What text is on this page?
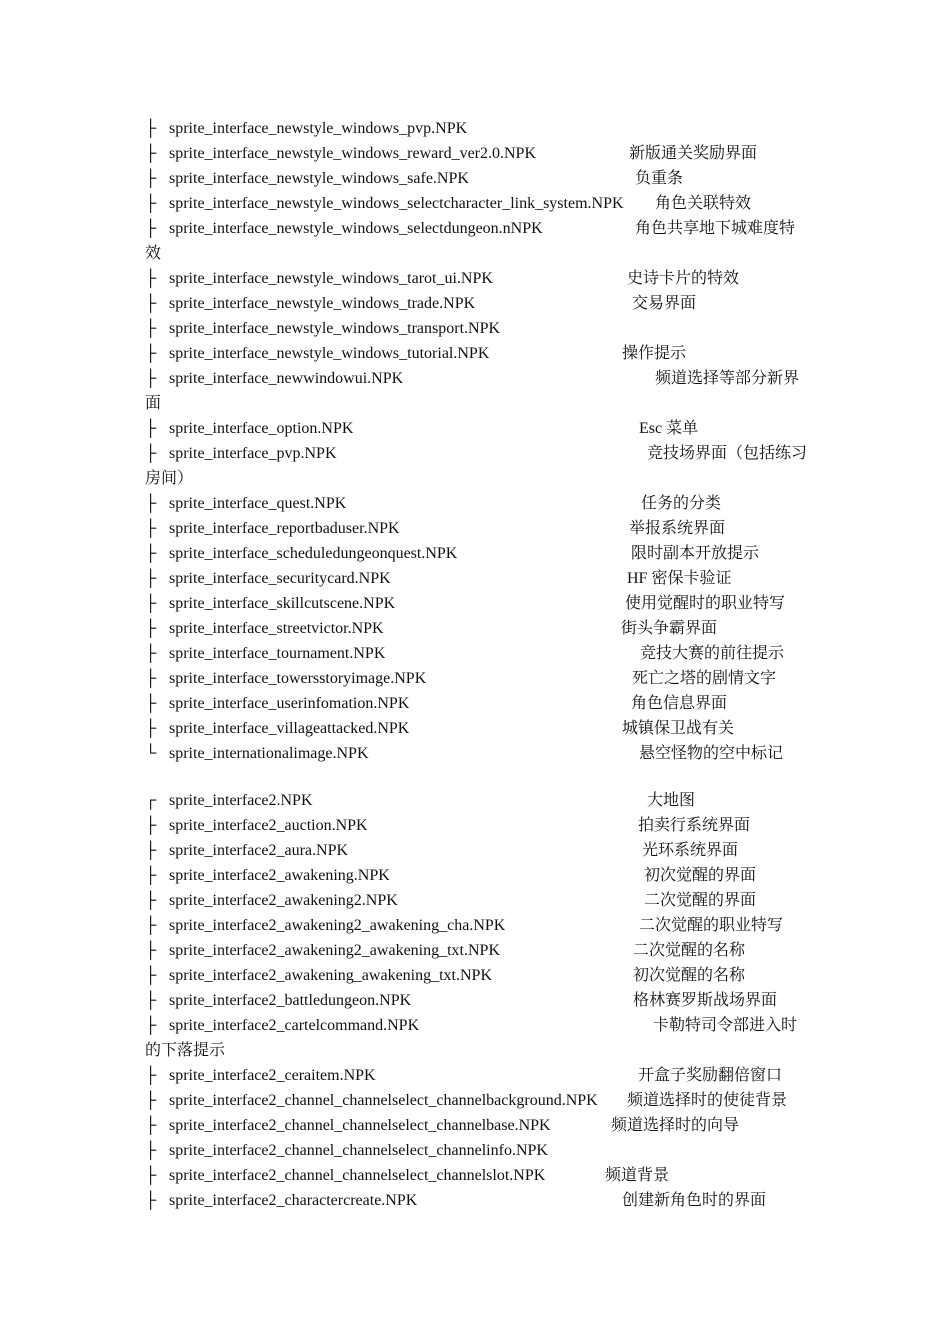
├ sprite_interface_newstyle_windows_pvp.NPK
├ sprite_interface_newstyle_windows_reward_ver2.0.NPK	新版通关奖励界面
├ sprite_interface_newstyle_windows_safe.NPK	负重条
├ sprite_interface_newstyle_windows_selectcharacter_link_system.NPK 角色关联特效
├ sprite_interface_newstyle_windows_selectdungeon.nNPK	角色共享地下城难度特
效
├ sprite_interface_newstyle_windows_tarot_ui.NPK	史诗卡片的特效
├ sprite_interface_newstyle_windows_trade.NPK	交易界面
├ sprite_interface_newstyle_windows_transport.NPK
├ sprite_interface_newstyle_windows_tutorial.NPK	操作提示
├ sprite_interface_newwindowui.NPK	频道选择等部分新界
面
├ sprite_interface_option.NPK	Esc 菜单
├ sprite_interface_pvp.NPK	竞技场界面（包括练习
房间）
├ sprite_interface_quest.NPK	任务的分类
├ sprite_interface_reportbaduser.NPK	举报系统界面
├ sprite_interface_scheduledungeonquest.NPK	限时副本开放提示
├ sprite_interface_securitycard.NPK	HF 密保卡验证
├ sprite_interface_skillcutscene.NPK	使用觉醒时的职业特写
├ sprite_interface_streetvictor.NPK	街头争霸界面
├ sprite_interface_tournament.NPK	竞技大赛的前往提示
├ sprite_interface_towersstoryimage.NPK	死亡之塔的剧情文字
├ sprite_interface_userinfomation.NPK	角色信息界面
├ sprite_interface_villageattacked.NPK	城镇保卫战有关
└ sprite_internationalimage.NPK	悬空怪物的空中标记
┌ sprite_interface2.NPK	大地图
├ sprite_interface2_auction.NPK	拍卖行系统界面
├ sprite_interface2_aura.NPK	光环系统界面
├ sprite_interface2_awakening.NPK	初次觉醒的界面
├ sprite_interface2_awakening2.NPK	二次觉醒的界面
├ sprite_interface2_awakening2_awakening_cha.NPK	二次觉醒的职业特写
├ sprite_interface2_awakening2_awakening_txt.NPK	二次觉醒的名称
├ sprite_interface2_awakening_awakening_txt.NPK	初次觉醒的名称
├ sprite_interface2_battledungeon.NPK	格林赛罗斯战场界面
├ sprite_interface2_cartelcommand.NPK	卡勒特司令部进入时
的下落提示
├ sprite_interface2_ceraitem.NPK	开盒子奖励翻倍窗口
├ sprite_interface2_channel_channelselect_channelbackground.NPK 频道选择时的使徒背景
├ sprite_interface2_channel_channelselect_channelbase.NPK	频道选择时的向导
├ sprite_interface2_channel_channelselect_channelinfo.NPK
├ sprite_interface2_channel_channelselect_channelslot.NPK	频道背景
├ sprite_interface2_charactercreate.NPK	创建新角色时的界面
